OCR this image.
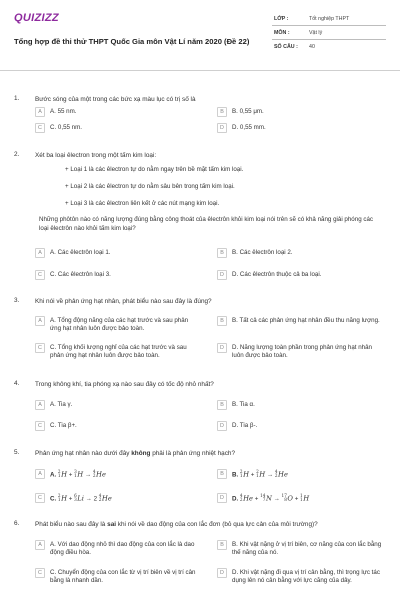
QUIZIZZ
Tổng hợp đề thi thử THPT Quốc Gia môn Vật Lí năm 2020 (Đề 22)
LỚP :	Tốt nghiệp THPT
MÔN :	Vật lý
SỐ CÂU :	40
1. Bước sóng của một trong các bức xạ màu lục có trị số là
A	A. 55 nm.	B	B. 0,55 μm.
C	C. 0,55 nm.	D	D. 0,55 mm.
2. Xét ba loại êlectron trong một tấm kim loại:
+ Loại 1 là các êlectron tự do nằm ngay trên bề mặt tấm kim loại.
+ Loại 2 là các êlectron tự do nằm sâu bên trong tấm kim loại.
+ Loại 3 là các êlectron liên kết ở các nút mạng kim loại.
Những phôtôn nào có năng lượng đúng bằng công thoát của êlectrôn khỏi kim loại nói trên sẽ có khả năng giải phóng các loại êlectrôn nào khỏi tấm kim loại?
A	A. Các êlectrôn loại 1.	B	B. Các êlectrôn loại 2.
C	C. Các êlectrôn loại 3.	D	D. Các êlectrôn thuộc cả ba loại.
3. Khi nói về phản ứng hạt nhân, phát biểu nào sau đây là đúng?
A	A. Tổng động năng của các hạt trước và sau phản ứng hạt nhân luôn được bảo toàn.
B	B. Tất cả các phản ứng hạt nhân đều thu năng lượng.
C	C. Tổng khối lượng nghỉ của các hạt trước và sau phản ứng hạt nhân luôn được bảo toàn.
D	D. Năng lượng toàn phần trong phản ứng hạt nhân luôn được bảo toàn.
4. Trong không khí, tia phóng xạ nào sau đây có tốc độ nhỏ nhất?
A	A. Tia γ.	B	B. Tia α.
C	C. Tia β+.	D	D. Tia β-.
5. Phản ứng hạt nhân nào dưới đây không phải là phản ứng nhiệt hạch?
A	A. 2
1 H + 3
1 H → 4
2 He	B	B. 2
1 H + 2
1 H → 4
2 He
C	C. 2
1 H + 6
3 Li → 2 4
2 He	D	D. 4
2 He + 14
7 N → 17
8 O + 1
1 H
6. Phát biểu nào sau đây là sai khi nói về dao động của con lắc đơn (bỏ qua lực cản của môi trường)?
A	A. Với dao động nhỏ thì dao động của con lắc là dao động điều hòa.
B	B. Khi vật nặng ở vị trí biên, cơ năng của con lắc bằng thế năng của nó.
C	C. Chuyển động của con lắc từ vị trí biên về vị trí cân bằng là nhanh dần.
D	D. Khi vật nặng đi qua vị trí cân bằng, thì trọng lực tác dụng lên nó cân bằng với lực căng của dây.
